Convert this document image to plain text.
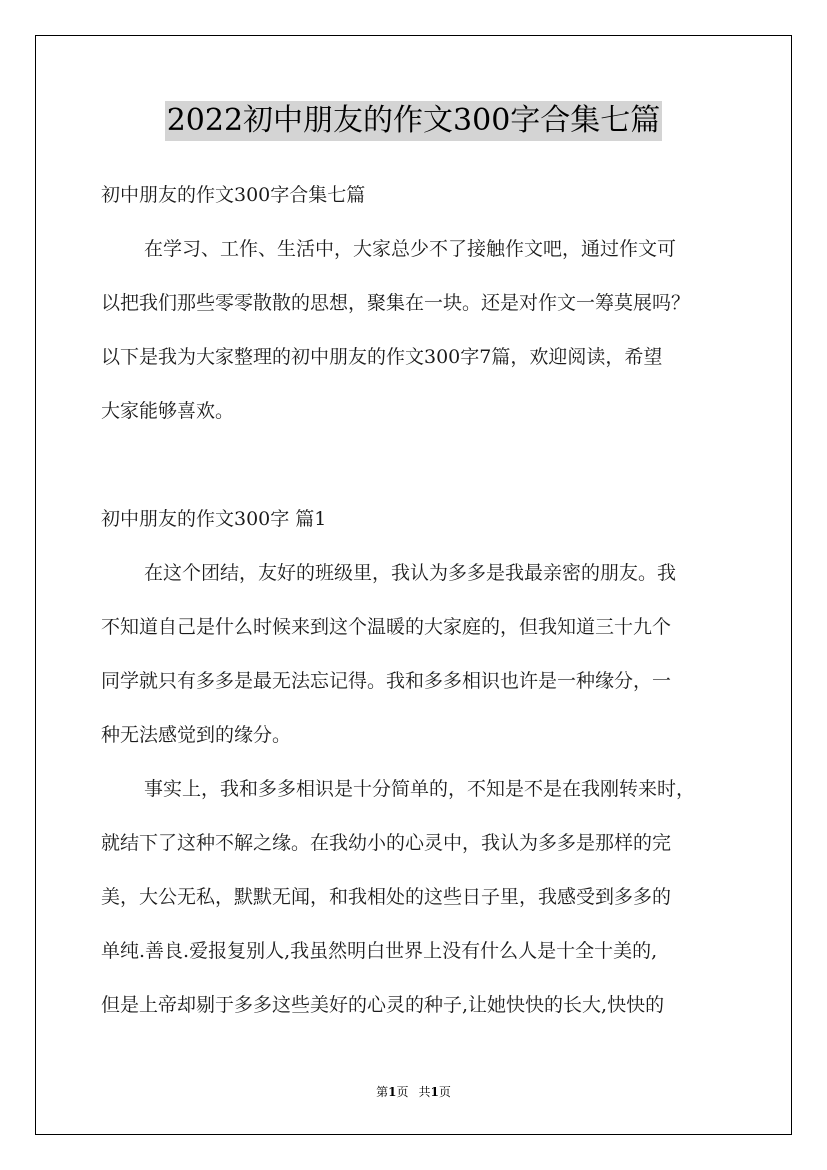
2022初中朋友的作文300字合集七篇
初中朋友的作文300字合集七篇
在学习、工作、生活中，大家总少不了接触作文吧，通过作文可
以把我们那些零零散散的思想，聚集在一块。还是对作文一筹莫展吗？
以下是我为大家整理的初中朋友的作文300字7篇，欢迎阅读，希望
大家能够喜欢。
初中朋友的作文300字 篇1
在这个团结，友好的班级里，我认为多多是我最亲密的朋友。我
不知道自己是什么时候来到这个温暖的大家庭的，但我知道三十九个
同学就只有多多是最无法忘记得。我和多多相识也许是一种缘分，一
种无法感觉到的缘分。
事实上，我和多多相识是十分简单的，不知是不是在我刚转来时，
就结下了这种不解之缘。在我幼小的心灵中，我认为多多是那样的完
美，大公无私，默默无闻，和我相处的这些日子里，我感受到多多的
单纯.善良.爱报复别人,我虽然明白世界上没有什么人是十全十美的,
但是上帝却剔于多多这些美好的心灵的种子,让她快快的长大,快快的
第1页 共1页
